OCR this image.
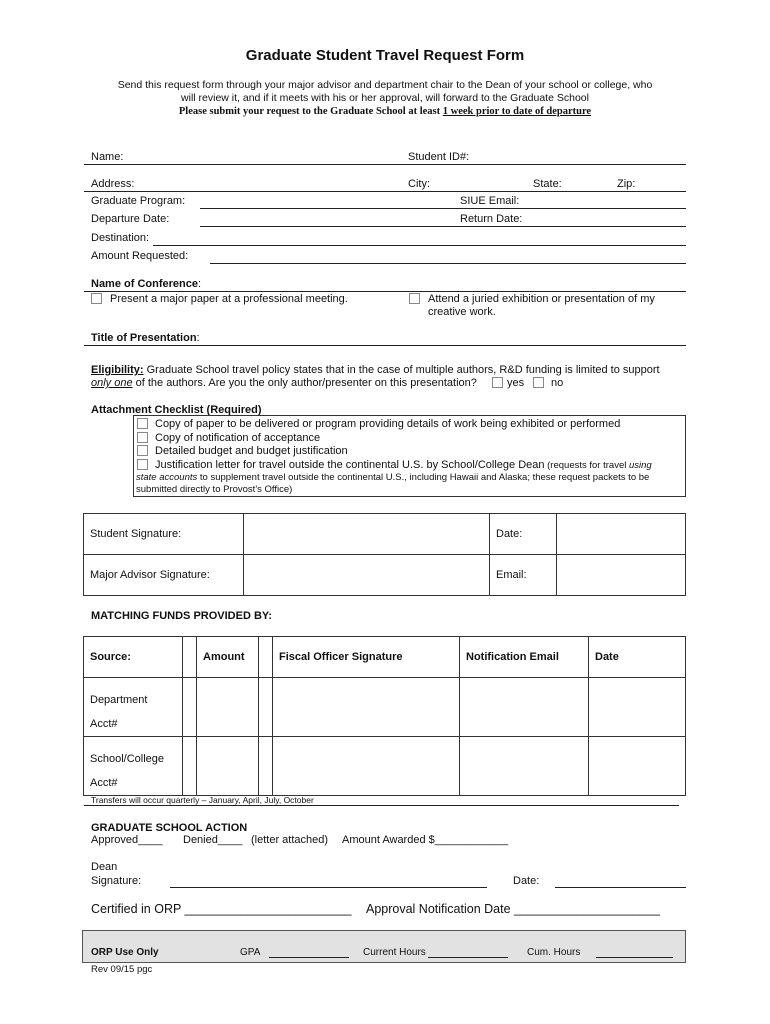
Graduate Student Travel Request Form
Send this request form through your major advisor and department chair to the Dean of your school or college, who
will review it, and if it meets with his or her approval, will forward to the Graduate School
Please submit your request to the Graduate School at least 1 week prior to date of departure
Name:	Student ID#:
Address:	City:	State:	Zip:
Graduate Program:	SIUE Email:
Departure Date:	Return Date:
Destination:
Amount Requested:
Name of Conference:
Present a major paper at a professional meeting.	Attend a juried exhibition or presentation of my
creative work.
Title of Presentation:
Eligibility: Graduate School travel policy states that in the case of multiple authors, R&D funding is limited to support
only one of the authors. Are you the only author/presenter on this presentation?	yes no
Attachment Checklist (Required)
Copy of paper to be delivered or program providing details of work being exhibited or performed
Copy of notification of acceptance
Detailed budget and budget justification
Justification letter for travel outside the continental U.S. by School/College Dean (requests for travel using
state accounts to supplement travel outside the continental U.S., including Hawaii and Alaska; these request packets to be
submitted directly to Provost's Office)
Student Signature:		Date:	
Major Advisor Signature:		Email:	
MATCHING FUNDS PROVIDED BY:
Source:		Amount		Fiscal Officer Signature	Notification Email	Date

Department
Acct#						

School/College
Acct#						

Transfers will occur quarterly – January, April, July, October
GRADUATE SCHOOL ACTION
Approved____ Denied____ (letter attached) Amount Awarded $____________
Dean
Signature:	Date:
Certified in ORP ________________________ Approval Notification Date _____________________
ORP Use Only	GPA	Current Hours	Cum. Hours
Rev 09/15 pgc
